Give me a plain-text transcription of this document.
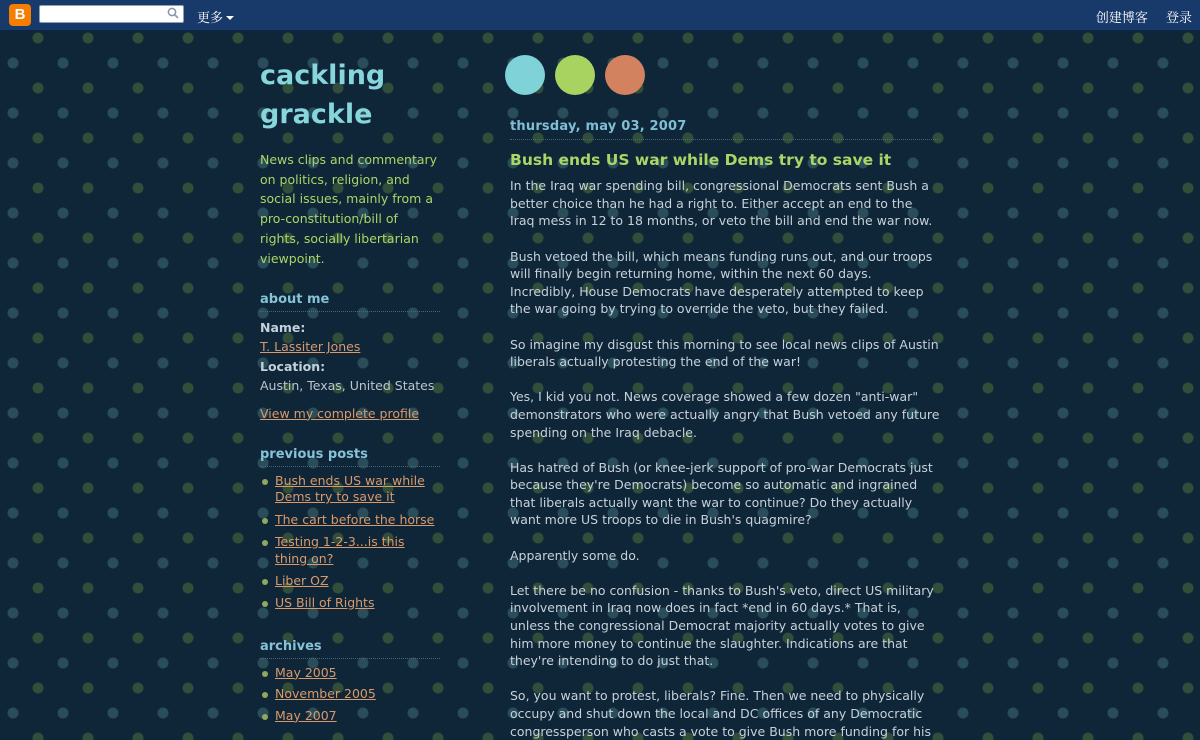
B	更多	创建博客 登录
cackling
grackle
News clips and commentary on politics, religion, and social issues, mainly from a pro-constitution/bill of rights, socially libertarian viewpoint.
about me
Name:
T. Lassiter Jones
Location:
Austin, Texas, United States
View my complete profile
previous posts
Bush ends US war while Dems try to save it
The cart before the horse
Testing 1-2-3...is this thing on?
Liber OZ
US Bill of Rights
archives
May 2005
November 2005
May 2007
thursday, may 03, 2007
Bush ends US war while Dems try to save it

In the Iraq war spending bill, congressional Democrats sent Bush a better choice than he had a right to. Either accept an end to the Iraq mess in 12 to 18 months, or veto the bill and end the war now.

Bush vetoed the bill, which means funding runs out, and our troops will finally begin returning home, within the next 60 days. Incredibly, House Democrats have desperately attempted to keep the war going by trying to override the veto, but they failed.

So imagine my disgust this morning to see local news clips of Austin liberals actually protesting the end of the war!

Yes, I kid you not. News coverage showed a few dozen "anti-war" demonstrators who were actually angry that Bush vetoed any future spending on the Iraq debacle.

Has hatred of Bush (or knee-jerk support of pro-war Democrats just because they're Democrats) become so automatic and ingrained that liberals actually want the war to continue? Do they actually want more US troops to die in Bush's quagmire?

Apparently some do.

Let there be no confusion - thanks to Bush's veto, direct US military involvement in Iraq now does in fact *end in 60 days.* That is, unless the congressional Democrat majority actually votes to give him more money to continue the slaughter. Indications are that they're intending to do just that.

So, you want to protest, liberals? Fine. Then we need to physically occupy and shut down the local and DC offices of any Democratic congressperson who casts a vote to give Bush more funding for his
